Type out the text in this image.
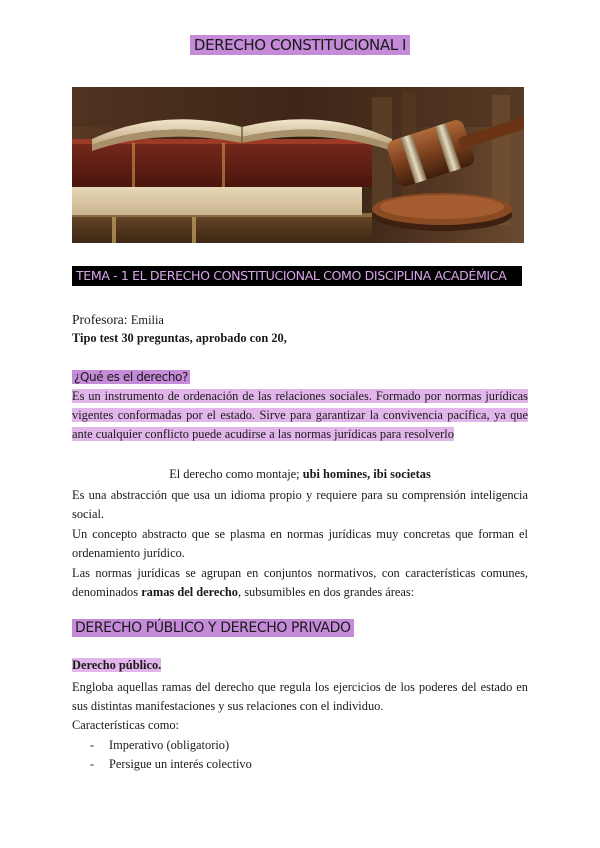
DERECHO CONSTITUCIONAL I
TEMA - 1 EL DERECHO CONSTITUCIONAL COMO DISCIPLINA ACADÉMICA
Profesora: Emilia
Tipo test 30 preguntas, aprobado con 20,
¿Qué es el derecho?
Es un instrumento de ordenación de las relaciones sociales. Formado por normas jurídicas vigentes conformadas por el estado. Sirve para garantizar la convivencia pacífica, ya que ante cualquier conflicto puede acudirse a las normas jurídicas para resolverlo
El derecho como montaje; ubi homines, ibi societas
Es una abstracción que usa un idioma propio y requiere para su comprensión inteligencia social.
Un concepto abstracto que se plasma en normas jurídicas muy concretas que forman el ordenamiento jurídico.
Las normas jurídicas se agrupan en conjuntos normativos, con características comunes, denominados ramas del derecho, subsumibles en dos grandes áreas:
DERECHO PÚBLICO Y DERECHO PRIVADO
Derecho público.
Engloba aquellas ramas del derecho que regula los ejercicios de los poderes del estado en sus distintas manifestaciones y sus relaciones con el individuo.
Características como:
- Imperativo (obligatorio)
- Persigue un interés colectivo
